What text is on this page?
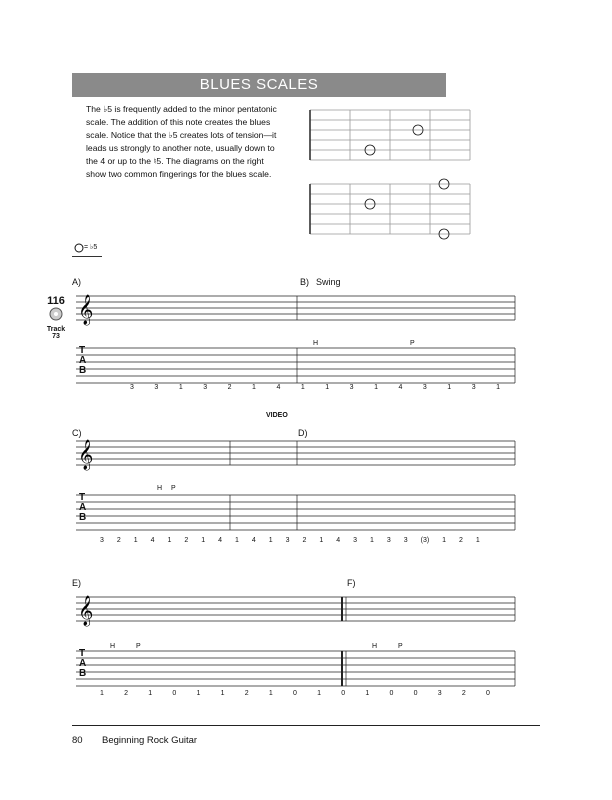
BLUES SCALES
The ♭5 is frequently added to the minor pentatonic
scale. The addition of this note creates the blues
scale. Notice that the ♭5 creates lots of tension—it
leads us strongly to another note, usually down to
the 4 or up to the ♮5. The diagrams on the right
show two common fingerings for the blues scale.
= ♭5
116
Track
73
A)	B) Swing
C)	D)
E)	F)
VIDEO
𝄞
𝄞
𝄞
T
A
B
T
A
B
T
A
B
3	3	1	3	2	1	4	1	1	3	1	4	3	1	3	1
3 2 1 4 1 2 1 4 1 4 1 3 2 1 4 3 1 3 3 (3) 1 2 1
1	2	1	0	1	1	2	1	0	1	0	1	0	0	3	2	0
H	P
H P
H	P	H	P
80 Beginning Rock Guitar
